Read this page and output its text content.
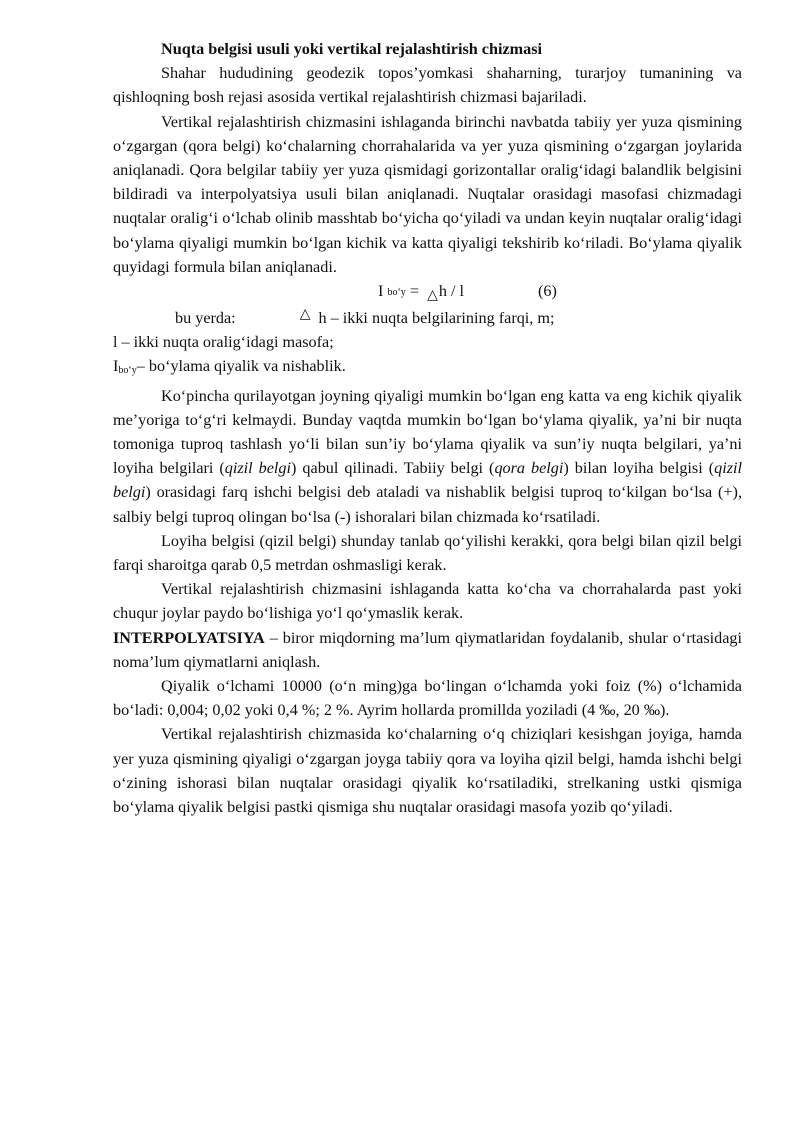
Nuqta belgisi usuli yoki vertikal rejalashtirish chizmasi

Shahar hududining geodezik topos’yomkasi shaharning, turarjoy tumanining va qishloqning bosh rejasi asosida vertikal rejalashtirish chizmasi bajariladi.

Vertikal rejalashtirish chizmasini ishlaganda birinchi navbatda tabiiy yer yuza qismining o‘zgargan (qora belgi) ko‘chalarning chorrahalarida va yer yuza qismining o‘zgargan joylarida aniqlanadi. Qora belgilar tabiiy yer yuza qismidagi gorizontallar oralig‘idagi balandlik belgisini bildiradi va interpolyatsiya usuli bilan aniqlanadi. Nuqtalar orasidagi masofasi chizmadagi nuqtalar oralig‘i o‘lchab olinib masshtab bo‘yicha qo‘yiladi va undan keyin nuqtalar oralig‘idagi bo‘ylama qiyaligi mumkin bo‘lgan kichik va katta qiyaligi tekshirib ko‘riladi. Bo‘ylama qiyalik quyidagi formula bilan aniqlanadi.

I bo‘y = △h / l	(6)

bu yerda:	△ h – ikki nuqta belgilarining farqi, m;

l – ikki nuqta oralig‘idagi masofa;

Ibo‘y– bo‘ylama qiyalik va nishablik.

Ko‘pincha qurilayotgan joyning qiyaligi mumkin bo‘lgan eng katta va eng kichik qiyalik me’yoriga to‘g‘ri kelmaydi. Bunday vaqtda mumkin bo‘lgan bo‘ylama qiyalik, ya’ni bir nuqta tomoniga tuproq tashlash yo‘li bilan sun’iy bo‘ylama qiyalik va sun’iy nuqta belgilari, ya’ni loyiha belgilari (qizil belgi) qabul qilinadi. Tabiiy belgi (qora belgi) bilan loyiha belgisi (qizil belgi) orasidagi farq ishchi belgisi deb ataladi va nishablik belgisi tuproq to‘kilgan bo‘lsa (+), salbiy belgi tuproq olingan bo‘lsa (-) ishoralari bilan chizmada ko‘rsatiladi.

Loyiha belgisi (qizil belgi) shunday tanlab qo‘yilishi kerakki, qora belgi bilan qizil belgi farqi sharoitga qarab 0,5 metrdan oshmasligi kerak.

Vertikal rejalashtirish chizmasini ishlaganda katta ko‘cha va chorrahalarda past yoki chuqur joylar paydo bo‘lishiga yo‘l qo‘ymaslik kerak.

INTERPOLYATSIYA – biror miqdorning ma’lum qiymatlaridan foydalanib, shular o‘rtasidagi noma’lum qiymatlarni aniqlash.

Qiyalik o‘lchami 10000 (o‘n ming)ga bo‘lingan o‘lchamda yoki foiz (%) o‘lchamida bo‘ladi: 0,004; 0,02 yoki 0,4 %; 2 %. Ayrim hollarda promillda yoziladi (4 ‰, 20 ‰).

Vertikal rejalashtirish chizmasida ko‘chalarning o‘q chiziqlari kesishgan joyiga, hamda yer yuza qismining qiyaligi o‘zgargan joyga tabiiy qora va loyiha qizil belgi, hamda ishchi belgi o‘zining ishorasi bilan nuqtalar orasidagi qiyalik ko‘rsatiladiki, strelkaning ustki qismiga bo‘ylama qiyalik belgisi pastki qismiga shu nuqtalar orasidagi masofa yozib qo‘yiladi.
